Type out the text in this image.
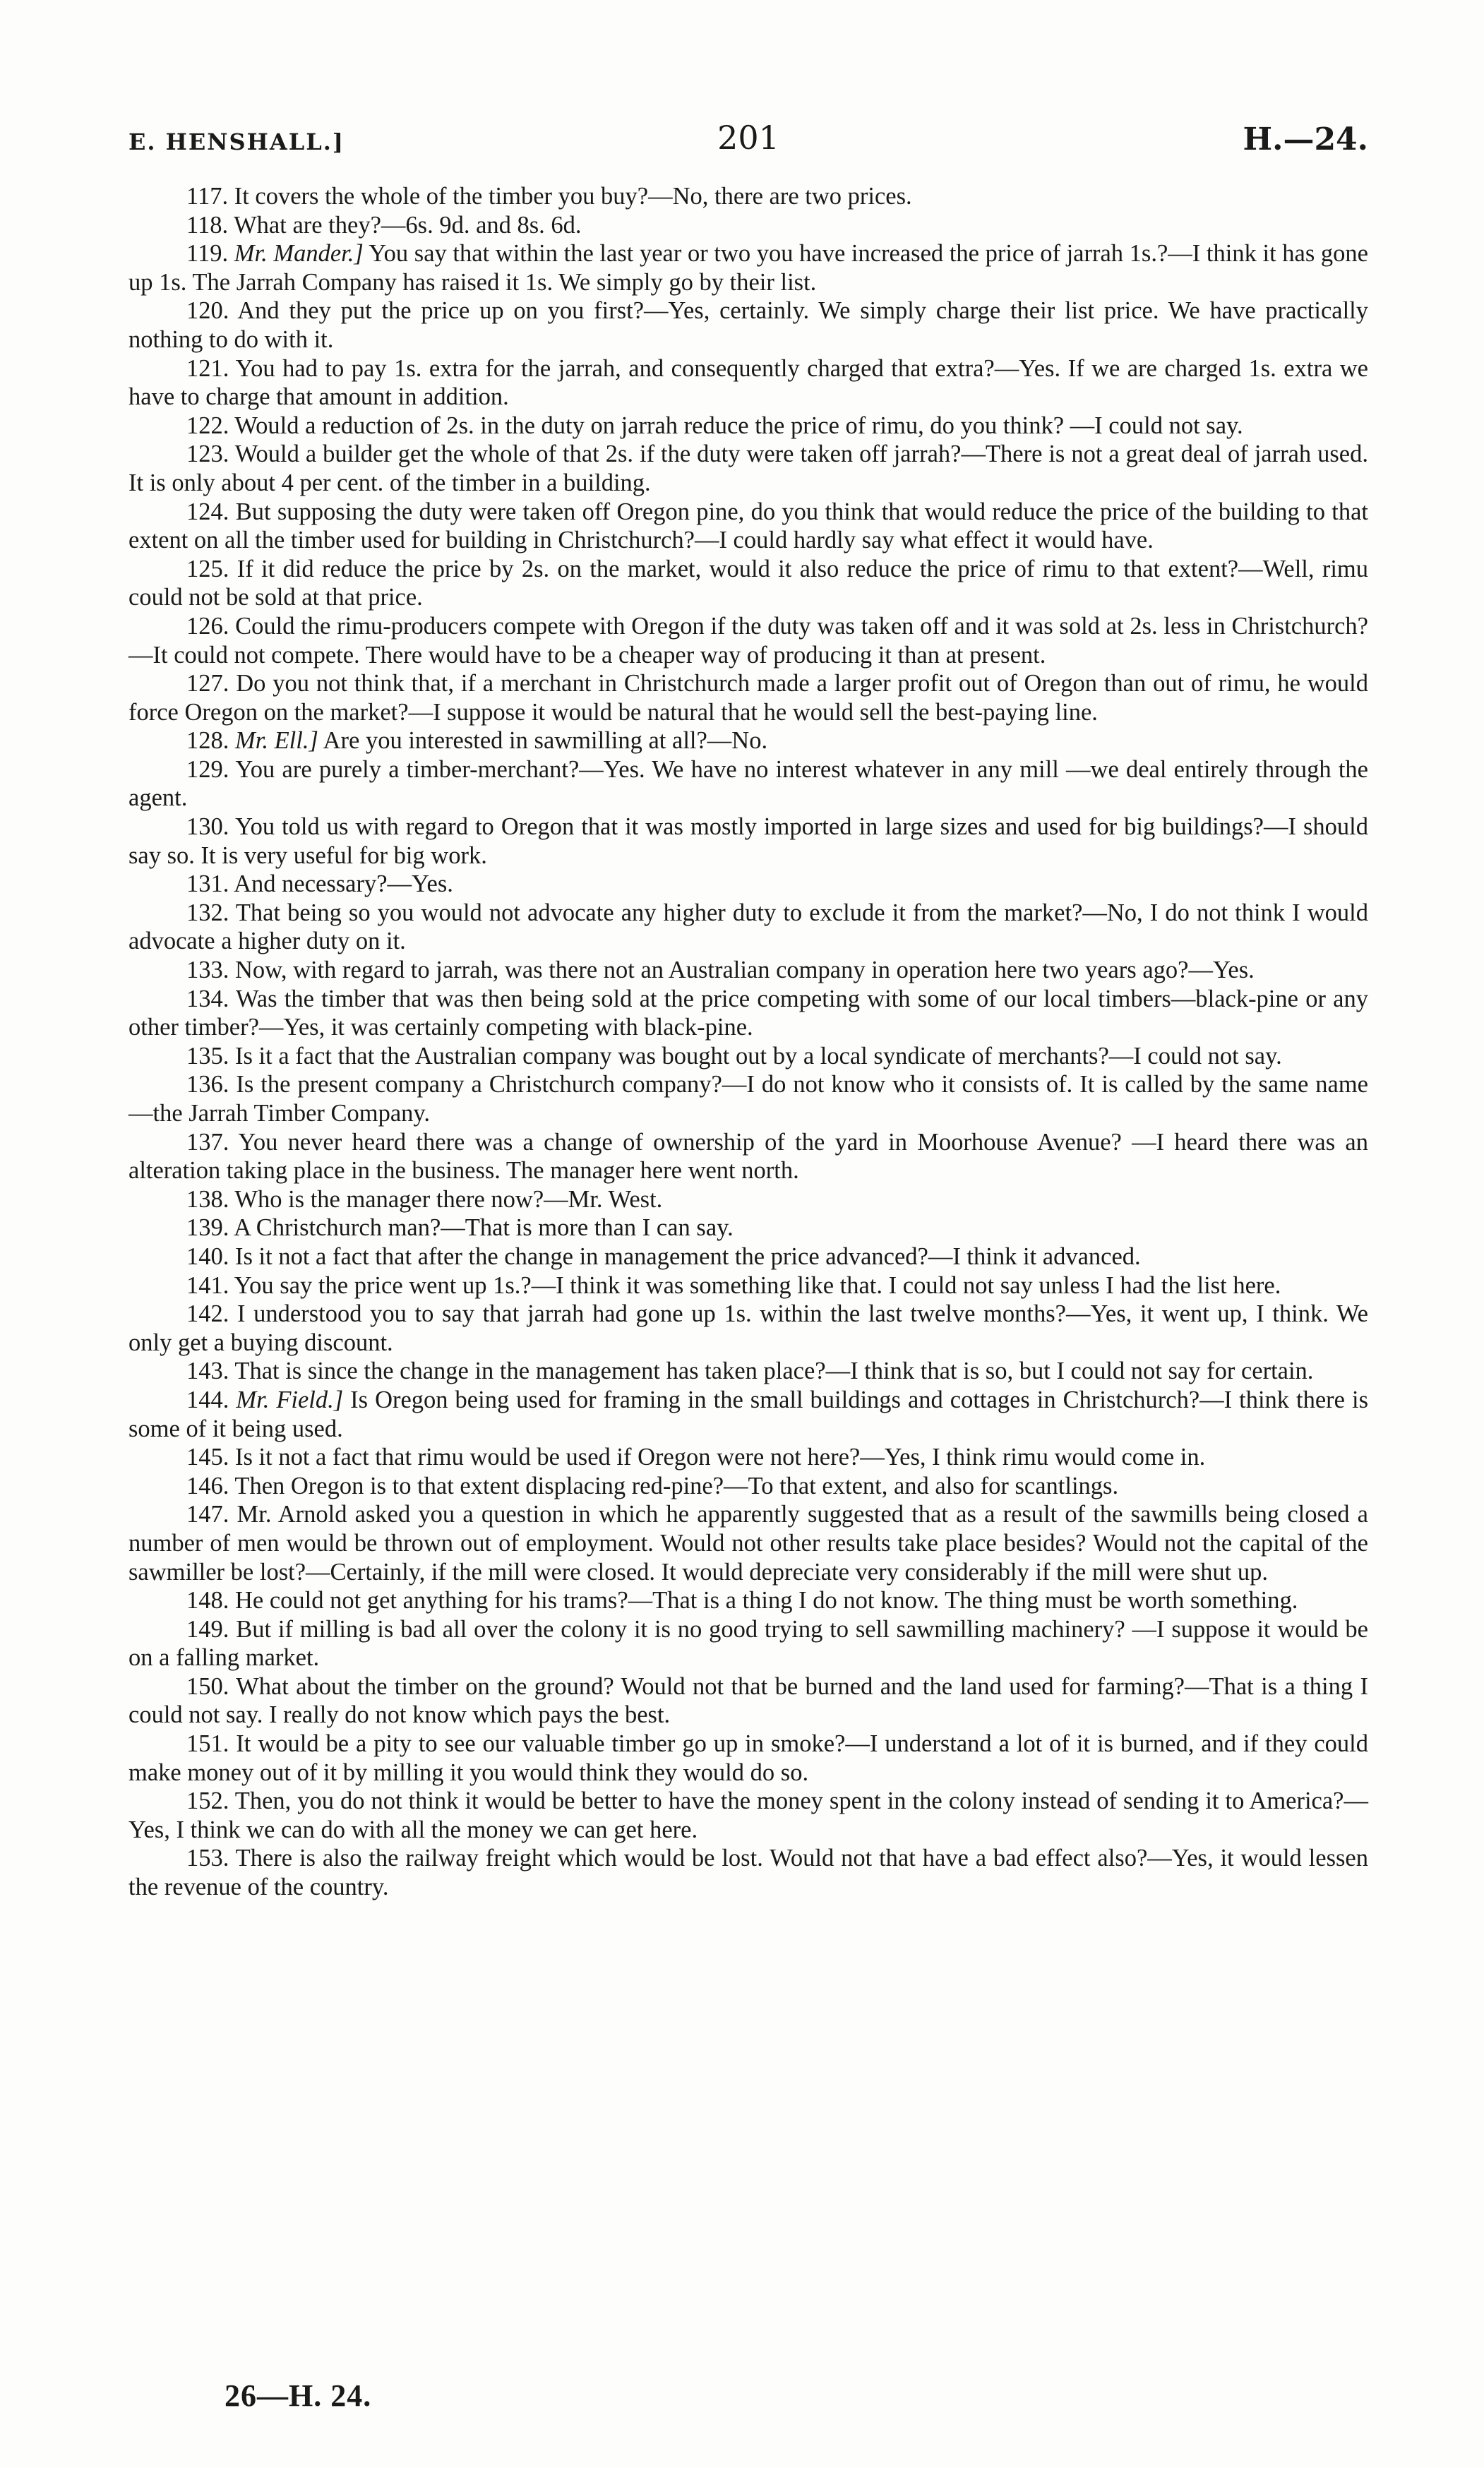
E. HENSHALL.]	201	H.—24.

117. It covers the whole of the timber you buy?—No, there are two prices.

118. What are they?—6s. 9d. and 8s. 6d.

119. Mr. Mander.] You say that within the last year or two you have increased the price of jarrah 1s.?—I think it has gone up 1s. The Jarrah Company has raised it 1s. We simply go by their list.

120. And they put the price up on you first?—Yes, certainly. We simply charge their list price. We have practically nothing to do with it.

121. You had to pay 1s. extra for the jarrah, and consequently charged that extra?—Yes. If we are charged 1s. extra we have to charge that amount in addition.

122. Would a reduction of 2s. in the duty on jarrah reduce the price of rimu, do you think? —I could not say.

123. Would a builder get the whole of that 2s. if the duty were taken off jarrah?—There is not a great deal of jarrah used. It is only about 4 per cent. of the timber in a building.

124. But supposing the duty were taken off Oregon pine, do you think that would reduce the price of the building to that extent on all the timber used for building in Christchurch?—I could hardly say what effect it would have.

125. If it did reduce the price by 2s. on the market, would it also reduce the price of rimu to that extent?—Well, rimu could not be sold at that price.

126. Could the rimu-producers compete with Oregon if the duty was taken off and it was sold at 2s. less in Christchurch?—It could not compete. There would have to be a cheaper way of producing it than at present.

127. Do you not think that, if a merchant in Christchurch made a larger profit out of Oregon than out of rimu, he would force Oregon on the market?—I suppose it would be natural that he would sell the best-paying line.

128. Mr. Ell.] Are you interested in sawmilling at all?—No.

129. You are purely a timber-merchant?—Yes. We have no interest whatever in any mill —we deal entirely through the agent.

130. You told us with regard to Oregon that it was mostly imported in large sizes and used for big buildings?—I should say so. It is very useful for big work.

131. And necessary?—Yes.

132. That being so you would not advocate any higher duty to exclude it from the market?—No, I do not think I would advocate a higher duty on it.

133. Now, with regard to jarrah, was there not an Australian company in operation here two years ago?—Yes.

134. Was the timber that was then being sold at the price competing with some of our local timbers—black-pine or any other timber?—Yes, it was certainly competing with black-pine.

135. Is it a fact that the Australian company was bought out by a local syndicate of merchants?—I could not say.

136. Is the present company a Christchurch company?—I do not know who it consists of. It is called by the same name—the Jarrah Timber Company.

137. You never heard there was a change of ownership of the yard in Moorhouse Avenue? —I heard there was an alteration taking place in the business. The manager here went north.

138. Who is the manager there now?—Mr. West.

139. A Christchurch man?—That is more than I can say.

140. Is it not a fact that after the change in management the price advanced?—I think it advanced.

141. You say the price went up 1s.?—I think it was something like that. I could not say unless I had the list here.

142. I understood you to say that jarrah had gone up 1s. within the last twelve months?—Yes, it went up, I think. We only get a buying discount.

143. That is since the change in the management has taken place?—I think that is so, but I could not say for certain.

144. Mr. Field.] Is Oregon being used for framing in the small buildings and cottages in Christchurch?—I think there is some of it being used.

145. Is it not a fact that rimu would be used if Oregon were not here?—Yes, I think rimu would come in.

146. Then Oregon is to that extent displacing red-pine?—To that extent, and also for scantlings.

147. Mr. Arnold asked you a question in which he apparently suggested that as a result of the sawmills being closed a number of men would be thrown out of employment. Would not other results take place besides? Would not the capital of the sawmiller be lost?—Certainly, if the mill were closed. It would depreciate very considerably if the mill were shut up.

148. He could not get anything for his trams?—That is a thing I do not know. The thing must be worth something.

149. But if milling is bad all over the colony it is no good trying to sell sawmilling machinery? —I suppose it would be on a falling market.

150. What about the timber on the ground? Would not that be burned and the land used for farming?—That is a thing I could not say. I really do not know which pays the best.

151. It would be a pity to see our valuable timber go up in smoke?—I understand a lot of it is burned, and if they could make money out of it by milling it you would think they would do so.

152. Then, you do not think it would be better to have the money spent in the colony instead of sending it to America?—Yes, I think we can do with all the money we can get here.

153. There is also the railway freight which would be lost. Would not that have a bad effect also?—Yes, it would lessen the revenue of the country.

26—H. 24.
